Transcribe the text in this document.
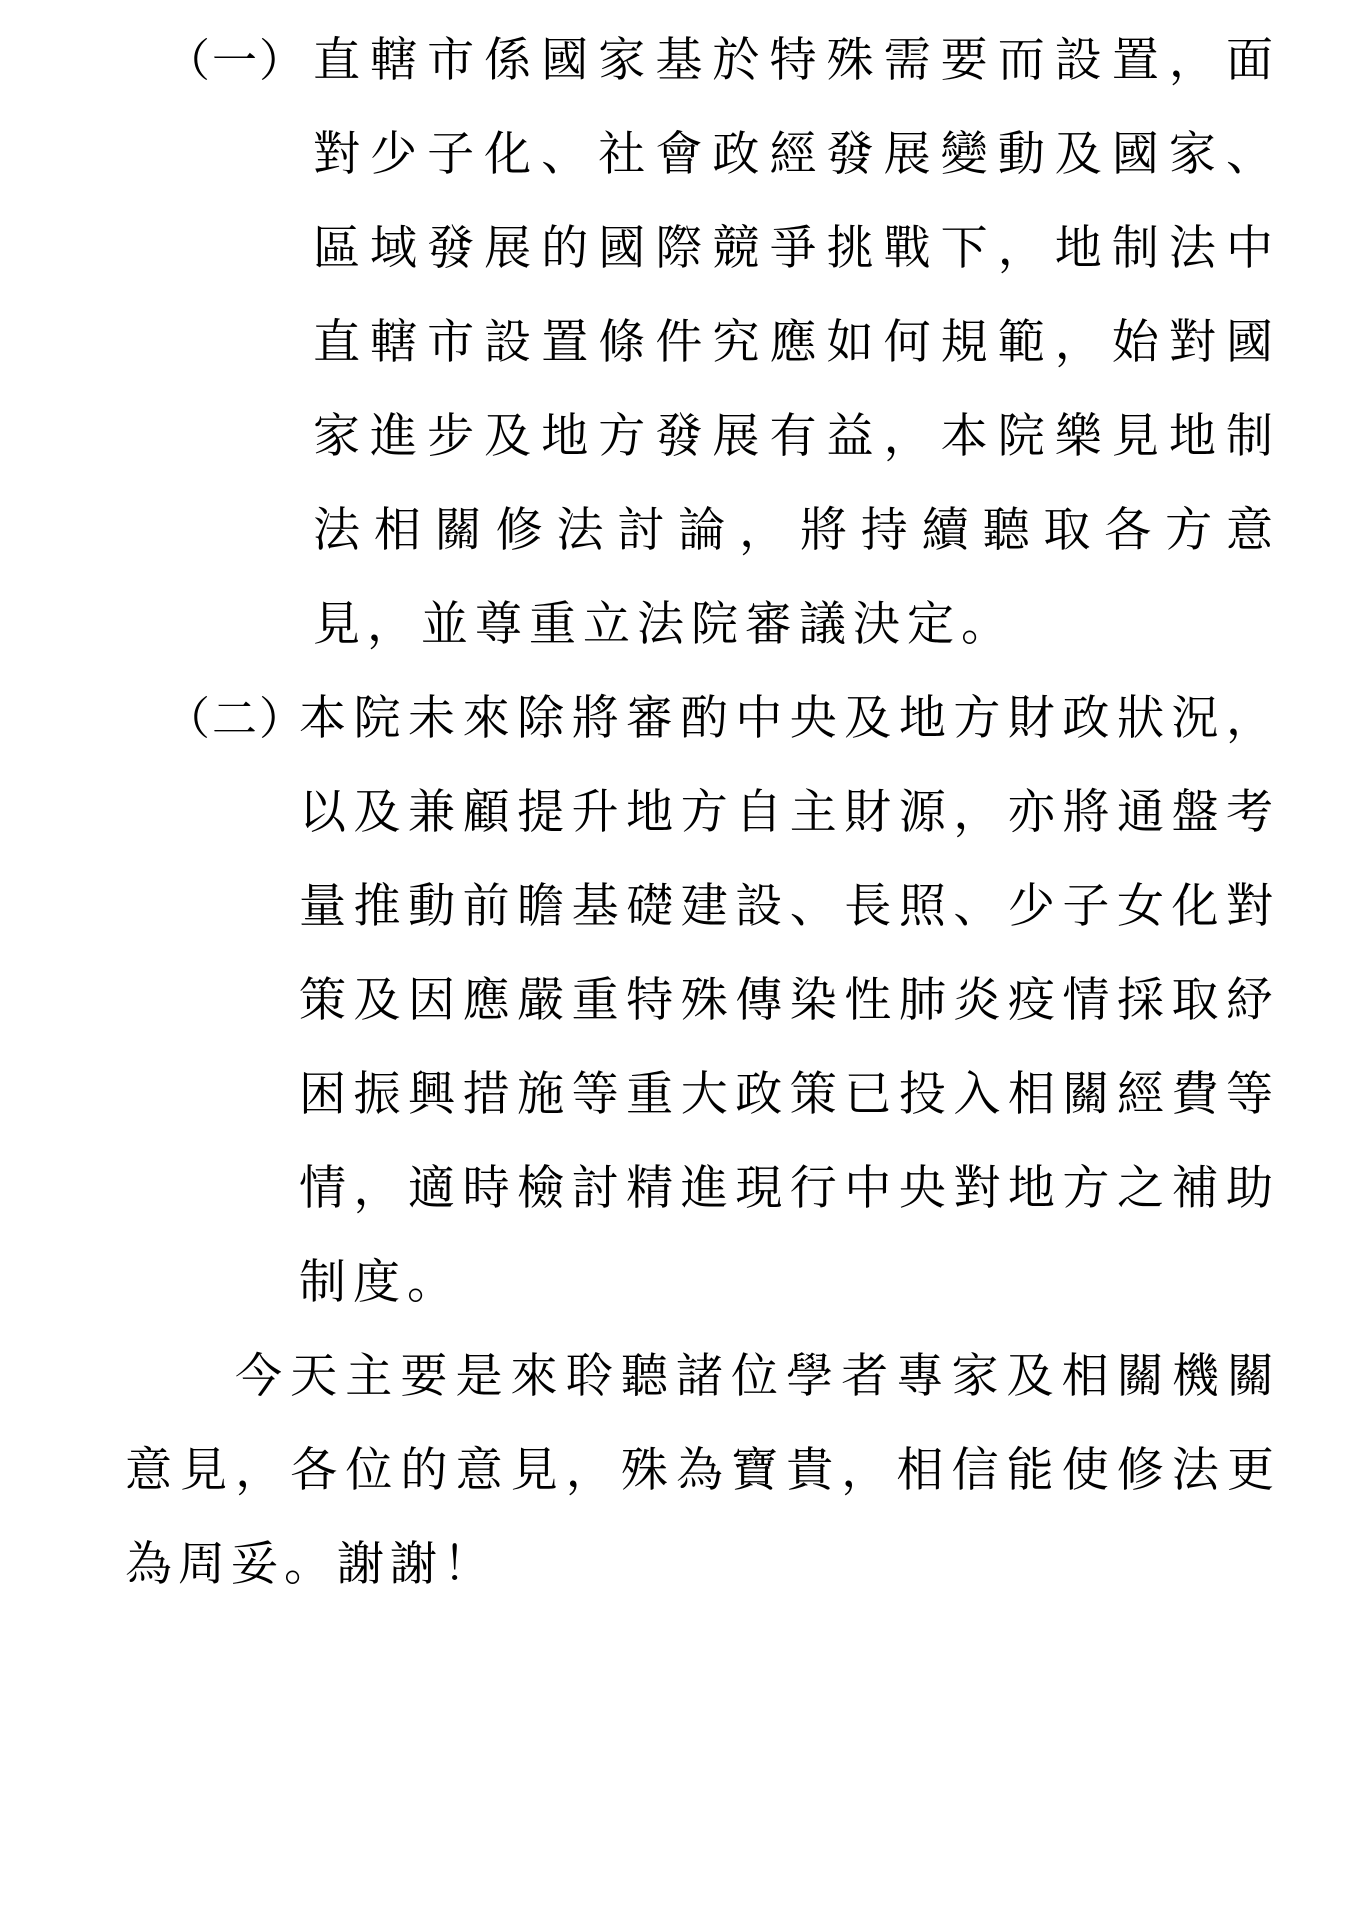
（一） 直轄市係國家基於特殊需要而設置，面對少子化、社會政經發展變動及國家、區域發展的國際競爭挑戰下，地制法中直轄市設置條件究應如何規範，始對國家進步及地方發展有益，本院樂見地制法相關修法討論，將持續聽取各方意見，並尊重立法院審議決定。
（二）
本院未來除將審酌中央及地方財政狀況，以及兼顧提升地方自主財源，亦將通盤考量推動前瞻基礎建設、長照、少子女化對策及因應嚴重特殊傳染性肺炎疫情採取紓困振興措施等重大政策已投入相關經費等情，適時檢討精進現行中央對地方之補助制度。

今天主要是來聆聽諸位學者專家及相關機關意見，各位的意見，殊為寶貴，相信能使修法更為周妥。謝謝！
